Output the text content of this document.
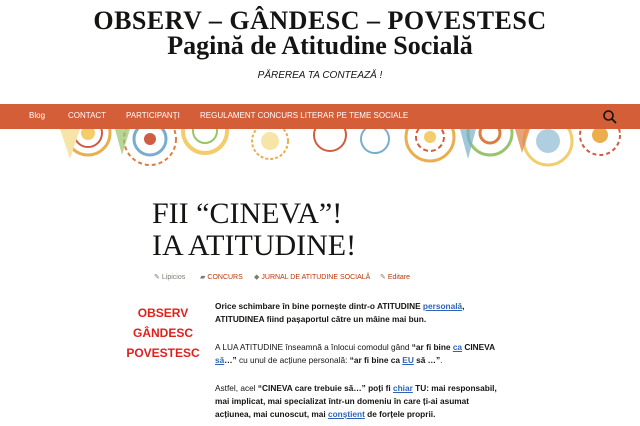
OBSERV – GÂNDESC – POVESTESC
Pagină de Atitudine Socială
PĂREREA TA CONTEAZĂ !
Blog	CONTACT PARTICIPANȚI	REGULAMENT CONCURS LITERAR PE TEME SOCIALE
FII “CINEVA”!
IA ATITUDINE!
✎ Lipicios ▰ CONCURS ◆ JURNAL DE ATITUDINE SOCIALĂ ✎ Editare
OBSERV
GÂNDESC
POVESTESC

Orice schimbare în bine pornește dintr-o ATITUDINE personală, ATITUDINEA fiind pașaportul către un mâine mai bun.

A LUA ATITUDINE înseamnă a înlocui comodul gând “ar fi bine ca CINEVA să…” cu unul de acțiune personală: “ar fi bine ca EU să …”.

Astfel, acel “CINEVA care trebuie să…” poți fi chiar TU: mai responsabil, mai implicat, mai specializat într-un domeniu în care ți-ai asumat acțiunea, mai cunoscut, mai conștient de forțele proprii.
